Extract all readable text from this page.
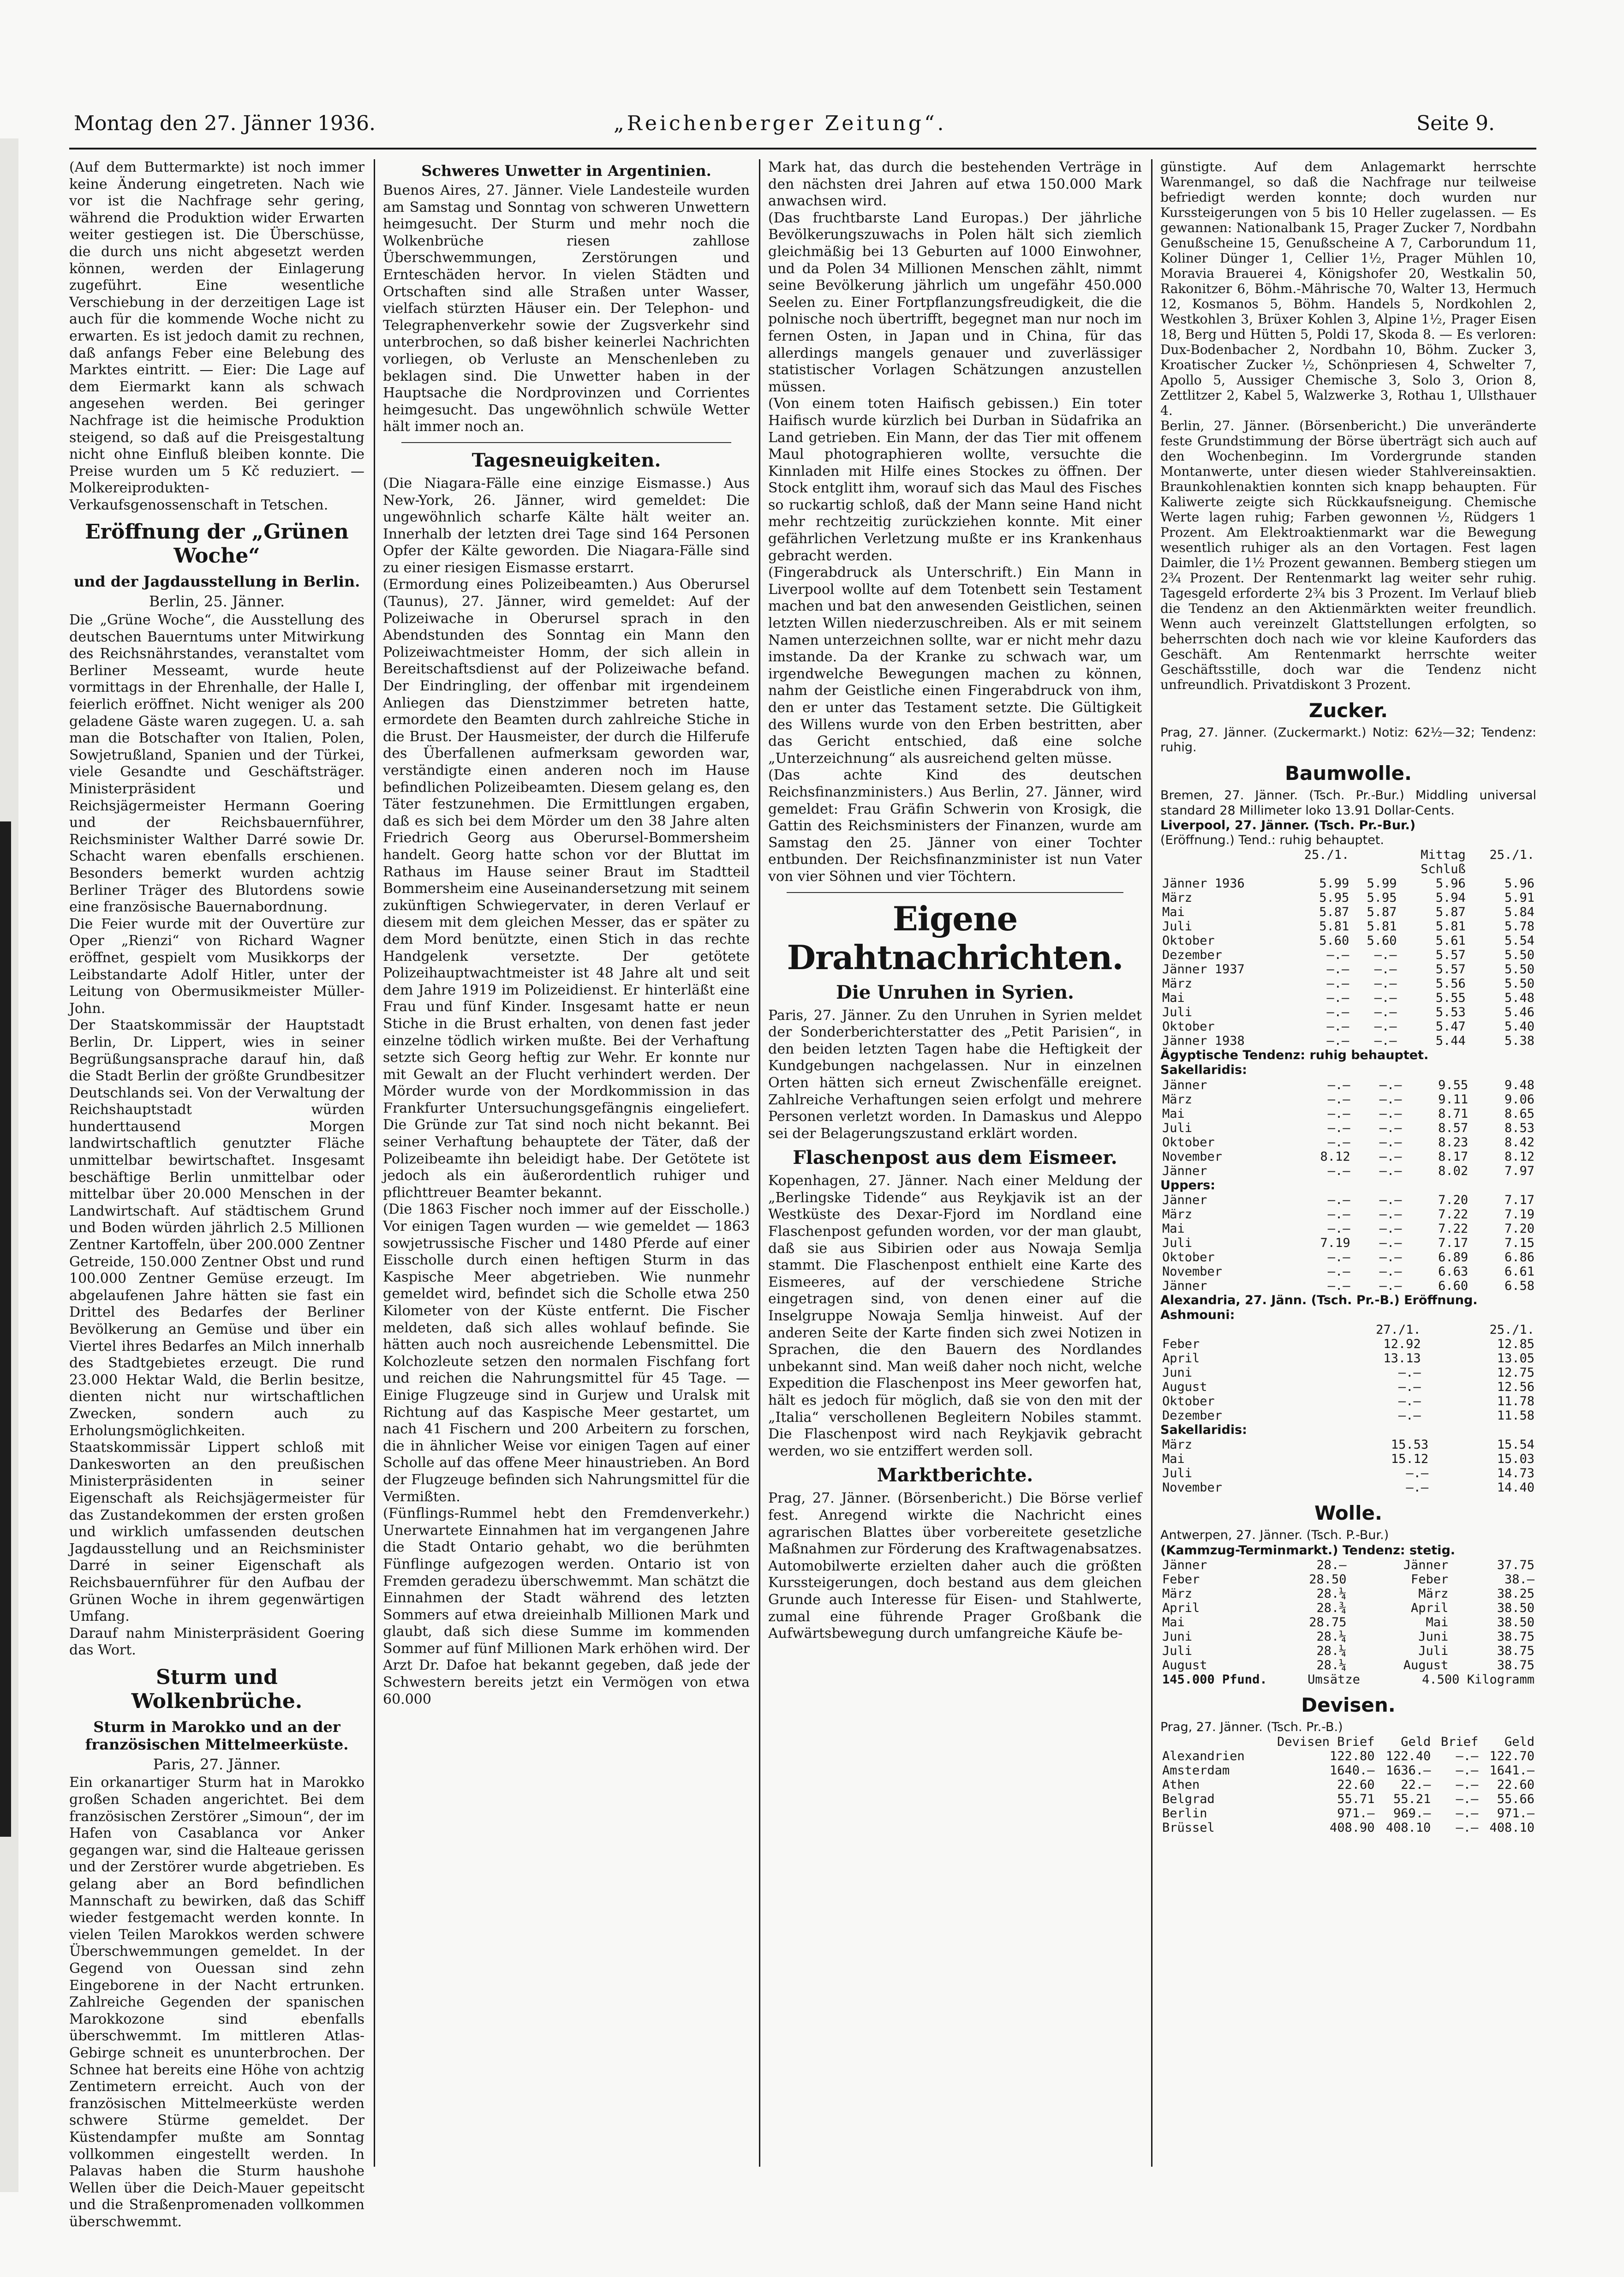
Montag den 27. Jänner 1936.	„Reichenberger Zeitung“.	Seite 9.

(Auf dem Buttermarkte) ist noch immer keine Änderung eingetreten. Nach wie vor ist die Nachfrage sehr gering, während die Produktion wider Erwarten weiter gestiegen ist. Die Überschüsse, die durch uns nicht abgesetzt werden können, werden der Einlagerung zugeführt. Eine wesentliche Verschiebung in der derzeitigen Lage ist auch für die kommende Woche nicht zu erwarten. Es ist jedoch damit zu rechnen, daß anfangs Feber eine Belebung des Marktes eintritt. — Eier: Die Lage auf dem Eiermarkt kann als schwach angesehen werden. Bei geringer Nachfrage ist die heimische Produktion steigend, so daß auf die Preisgestaltung nicht ohne Einfluß bleiben konnte. Die Preise wurden um 5 Kč reduziert. — Molkereiprodukten-Verkaufsgenossenschaft in Tetschen.

Eröffnung der „Grünen Woche“
und der Jagdausstellung in Berlin.
Berlin, 25. Jänner.

Die „Grüne Woche“, die Ausstellung des deutschen Bauerntums unter Mitwirkung des Reichsnährstandes, veranstaltet vom Berliner Messeamt, wurde heute vormittags in der Ehrenhalle, der Halle I, feierlich eröffnet. Nicht weniger als 200 geladene Gäste waren zugegen. U. a. sah man die Botschafter von Italien, Polen, Sowjetrußland, Spanien und der Türkei, viele Gesandte und Geschäftsträger. Ministerpräsident und Reichsjägermeister Hermann Goering und der Reichsbauernführer, Reichsminister Walther Darré sowie Dr. Schacht waren ebenfalls erschienen. Besonders bemerkt wurden achtzig Berliner Träger des Blutordens sowie eine französische Bauernabordnung.

Die Feier wurde mit der Ouvertüre zur Oper „Rienzi“ von Richard Wagner eröffnet, gespielt vom Musikkorps der Leibstandarte Adolf Hitler, unter der Leitung von Obermusikmeister Müller-John.

Der Staatskommissär der Hauptstadt Berlin, Dr. Lippert, wies in seiner Begrüßungsansprache darauf hin, daß die Stadt Berlin der größte Grundbesitzer Deutschlands sei. Von der Verwaltung der Reichshauptstadt würden hunderttausend Morgen landwirtschaftlich genutzter Fläche unmittelbar bewirtschaftet. Insgesamt beschäftige Berlin unmittelbar oder mittelbar über 20.000 Menschen in der Landwirtschaft. Auf städtischem Grund und Boden würden jährlich 2.5 Millionen Zentner Kartoffeln, über 200.000 Zentner Getreide, 150.000 Zentner Obst und rund 100.000 Zentner Gemüse erzeugt. Im abgelaufenen Jahre hätten sie fast ein Drittel des Bedarfes der Berliner Bevölkerung an Gemüse und über ein Viertel ihres Bedarfes an Milch innerhalb des Stadtgebietes erzeugt. Die rund 23.000 Hektar Wald, die Berlin besitze, dienten nicht nur wirtschaftlichen Zwecken, sondern auch zu Erholungsmöglichkeiten.

Staatskommissär Lippert schloß mit Dankesworten an den preußischen Ministerpräsidenten in seiner Eigenschaft als Reichsjägermeister für das Zustandekommen der ersten großen und wirklich umfassenden deutschen Jagdausstellung und an Reichsminister Darré in seiner Eigenschaft als Reichsbauernführer für den Aufbau der Grünen Woche in ihrem gegenwärtigen Umfang.

Darauf nahm Ministerpräsident Goering das Wort.

Sturm und Wolkenbrüche.
Sturm in Marokko und an der französischen Mittelmeerküste.
Paris, 27. Jänner.

Ein orkanartiger Sturm hat in Marokko großen Schaden angerichtet. Bei dem französischen Zerstörer „Simoun“, der im Hafen von Casablanca vor Anker gegangen war, sind die Halteaue gerissen und der Zerstörer wurde abgetrieben. Es gelang aber an Bord befindlichen Mannschaft zu bewirken, daß das Schiff wieder festgemacht werden konnte. In vielen Teilen Marokkos werden schwere Überschwemmungen gemeldet. In der Gegend von Ouessan sind zehn Eingeborene in der Nacht ertrunken. Zahlreiche Gegenden der spanischen Marokkozone sind ebenfalls überschwemmt. Im mittleren Atlas-Gebirge schneit es ununterbrochen. Der Schnee hat bereits eine Höhe von achtzig Zentimetern erreicht. Auch von der französischen Mittelmeerküste werden schwere Stürme gemeldet. Der Küstendampfer mußte am Sonntag vollkommen eingestellt werden. In Palavas haben die Sturm haushohe Wellen über die Deich-Mauer gepeitscht und die Straßenpromenaden vollkommen überschwemmt.

Schweres Unwetter in Argentinien.

Buenos Aires, 27. Jänner. Viele Landesteile wurden am Samstag und Sonntag von schweren Unwettern heimgesucht. Der Sturm und mehr noch die Wolkenbrüche riesen zahllose Überschwemmungen, Zerstörungen und Ernteschäden hervor. In vielen Städten und Ortschaften sind alle Straßen unter Wasser, vielfach stürzten Häuser ein. Der Telephon- und Telegraphenverkehr sowie der Zugsverkehr sind unterbrochen, so daß bisher keinerlei Nachrichten vorliegen, ob Verluste an Menschenleben zu beklagen sind. Die Unwetter haben in der Hauptsache die Nordprovinzen und Corrientes heimgesucht. Das ungewöhnlich schwüle Wetter hält immer noch an.

Tagesneuigkeiten.

(Die Niagara-Fälle eine einzige Eismasse.) Aus New-York, 26. Jänner, wird gemeldet: Die ungewöhnlich scharfe Kälte hält weiter an. Innerhalb der letzten drei Tage sind 164 Personen Opfer der Kälte geworden. Die Niagara-Fälle sind zu einer riesigen Eismasse erstarrt.

(Ermordung eines Polizeibeamten.) Aus Oberursel (Taunus), 27. Jänner, wird gemeldet: Auf der Polizeiwache in Oberursel sprach in den Abendstunden des Sonntag ein Mann den Polizeiwachtmeister Homm, der sich allein in Bereitschaftsdienst auf der Polizeiwache befand. Der Eindringling, der offenbar mit irgendeinem Anliegen das Dienstzimmer betreten hatte, ermordete den Beamten durch zahlreiche Stiche in die Brust. Der Hausmeister, der durch die Hilferufe des Überfallenen aufmerksam geworden war, verständigte einen anderen noch im Hause befindlichen Polizeibeamten. Diesem gelang es, den Täter festzunehmen. Die Ermittlungen ergaben, daß es sich bei dem Mörder um den 38 Jahre alten Friedrich Georg aus Oberursel-Bommersheim handelt. Georg hatte schon vor der Bluttat im Rathaus im Hause seiner Braut im Stadtteil Bommersheim eine Auseinandersetzung mit seinem zukünftigen Schwiegervater, in deren Verlauf er diesem mit dem gleichen Messer, das er später zu dem Mord benützte, einen Stich in das rechte Handgelenk versetzte. Der getötete Polizeihauptwachtmeister ist 48 Jahre alt und seit dem Jahre 1919 im Polizeidienst. Er hinterläßt eine Frau und fünf Kinder. Insgesamt hatte er neun Stiche in die Brust erhalten, von denen fast jeder einzelne tödlich wirken mußte. Bei der Verhaftung setzte sich Georg heftig zur Wehr. Er konnte nur mit Gewalt an der Flucht verhindert werden. Der Mörder wurde von der Mordkommission in das Frankfurter Untersuchungsgefängnis eingeliefert. Die Gründe zur Tat sind noch nicht bekannt. Bei seiner Verhaftung behauptete der Täter, daß der Polizeibeamte ihn beleidigt habe. Der Getötete ist jedoch als ein äußerordentlich ruhiger und pflichttreuer Beamter bekannt.

(Die 1863 Fischer noch immer auf der Eisscholle.) Vor einigen Tagen wurden — wie gemeldet — 1863 sowjetrussische Fischer und 1480 Pferde auf einer Eisscholle durch einen heftigen Sturm in das Kaspische Meer abgetrieben. Wie nunmehr gemeldet wird, befindet sich die Scholle etwa 250 Kilometer von der Küste entfernt. Die Fischer meldeten, daß sich alles wohlauf befinde. Sie hätten auch noch ausreichende Lebensmittel. Die Kolchozleute setzen den normalen Fischfang fort und reichen die Nahrungsmittel für 45 Tage. — Einige Flugzeuge sind in Gurjew und Uralsk mit Richtung auf das Kaspische Meer gestartet, um nach 41 Fischern und 200 Arbeitern zu forschen, die in ähnlicher Weise vor einigen Tagen auf einer Scholle auf das offene Meer hinaustrieben. An Bord der Flugzeuge befinden sich Nahrungsmittel für die Vermißten.

(Fünflings-Rummel hebt den Fremdenverkehr.) Unerwartete Einnahmen hat im vergangenen Jahre die Stadt Ontario gehabt, wo die berühmten Fünflinge aufgezogen werden. Ontario ist von Fremden geradezu überschwemmt. Man schätzt die Einnahmen der Stadt während des letzten Sommers auf etwa dreieinhalb Millionen Mark und glaubt, daß sich diese Summe im kommenden Sommer auf fünf Millionen Mark erhöhen wird. Der Arzt Dr. Dafoe hat bekannt gegeben, daß jede der Schwestern bereits jetzt ein Vermögen von etwa 60.000

Mark hat, das durch die bestehenden Verträge in den nächsten drei Jahren auf etwa 150.000 Mark anwachsen wird.

(Das fruchtbarste Land Europas.) Der jährliche Bevölkerungszuwachs in Polen hält sich ziemlich gleichmäßig bei 13 Geburten auf 1000 Einwohner, und da Polen 34 Millionen Menschen zählt, nimmt seine Bevölkerung jährlich um ungefähr 450.000 Seelen zu. Einer Fortpflanzungsfreudigkeit, die die polnische noch übertrifft, begegnet man nur noch im fernen Osten, in Japan und in China, für das allerdings mangels genauer und zuverlässiger statistischer Vorlagen Schätzungen anzustellen müssen.

(Von einem toten Haifisch gebissen.) Ein toter Haifisch wurde kürzlich bei Durban in Südafrika an Land getrieben. Ein Mann, der das Tier mit offenem Maul photographieren wollte, versuchte die Kinnladen mit Hilfe eines Stockes zu öffnen. Der Stock entglitt ihm, worauf sich das Maul des Fisches so ruckartig schloß, daß der Mann seine Hand nicht mehr rechtzeitig zurückziehen konnte. Mit einer gefährlichen Verletzung mußte er ins Krankenhaus gebracht werden.

(Fingerabdruck als Unterschrift.) Ein Mann in Liverpool wollte auf dem Totenbett sein Testament machen und bat den anwesenden Geistlichen, seinen letzten Willen niederzuschreiben. Als er mit seinem Namen unterzeichnen sollte, war er nicht mehr dazu imstande. Da der Kranke zu schwach war, um irgendwelche Bewegungen machen zu können, nahm der Geistliche einen Fingerabdruck von ihm, den er unter das Testament setzte. Die Gültigkeit des Willens wurde von den Erben bestritten, aber das Gericht entschied, daß eine solche „Unterzeichnung“ als ausreichend gelten müsse.

(Das achte Kind des deutschen Reichsfinanzministers.) Aus Berlin, 27. Jänner, wird gemeldet: Frau Gräfin Schwerin von Krosigk, die Gattin des Reichsministers der Finanzen, wurde am Samstag den 25. Jänner von einer Tochter entbunden. Der Reichsfinanzminister ist nun Vater von vier Söhnen und vier Töchtern.

Eigene Drahtnachrichten.
Die Unruhen in Syrien.

Paris, 27. Jänner. Zu den Unruhen in Syrien meldet der Sonderberichterstatter des „Petit Parisien“, in den beiden letzten Tagen habe die Heftigkeit der Kundgebungen nachgelassen. Nur in einzelnen Orten hätten sich erneut Zwischenfälle ereignet. Zahlreiche Verhaftungen seien erfolgt und mehrere Personen verletzt worden. In Damaskus und Aleppo sei der Belagerungszustand erklärt worden.

Flaschenpost aus dem Eismeer.

Kopenhagen, 27. Jänner. Nach einer Meldung der „Berlingske Tidende“ aus Reykjavik ist an der Westküste des Dexar-Fjord im Nordland eine Flaschenpost gefunden worden, vor der man glaubt, daß sie aus Sibirien oder aus Nowaja Semlja stammt. Die Flaschenpost enthielt eine Karte des Eismeeres, auf der verschiedene Striche eingetragen sind, von denen einer auf die Inselgruppe Nowaja Semlja hinweist. Auf der anderen Seite der Karte finden sich zwei Notizen in Sprachen, die den Bauern des Nordlandes unbekannt sind. Man weiß daher noch nicht, welche Expedition die Flaschenpost ins Meer geworfen hat, hält es jedoch für möglich, daß sie von den mit der „Italia“ verschollenen Begleitern Nobiles stammt. Die Flaschenpost wird nach Reykjavik gebracht werden, wo sie entziffert werden soll.

Marktberichte.

Prag, 27. Jänner. (Börsenbericht.) Die Börse verlief fest. Anregend wirkte die Nachricht eines agrarischen Blattes über vorbereitete gesetzliche Maßnahmen zur Förderung des Kraftwagenabsatzes. Automobilwerte erzielten daher auch die größten Kurssteigerungen, doch bestand aus dem gleichen Grunde auch Interesse für Eisen- und Stahlwerte, zumal eine führende Prager Großbank die Aufwärtsbewegung durch umfangreiche Käufe be-

günstigte. Auf dem Anlagemarkt herrschte Warenmangel, so daß die Nachfrage nur teilweise befriedigt werden konnte; doch wurden nur Kurssteigerungen von 5 bis 10 Heller zugelassen. — Es gewannen: Nationalbank 15, Prager Zucker 7, Nordbahn Genußscheine 15, Genußscheine A 7, Carborundum 11, Koliner Dünger 1, Cellier 1½, Prager Mühlen 10, Moravia Brauerei 4, Königshofer 20, Westkalin 50, Rakonitzer 6, Böhm.-Mährische 70, Walter 13, Hermuch 12, Kosmanos 5, Böhm. Handels 5, Nordkohlen 2, Westkohlen 3, Brüxer Kohlen 3, Alpine 1½, Prager Eisen 18, Berg und Hütten 5, Poldi 17, Skoda 8. — Es verloren: Dux-Bodenbacher 2, Nordbahn 10, Böhm. Zucker 3, Kroatischer Zucker ½, Schönpriesen 4, Schwelter 7, Apollo 5, Aussiger Chemische 3, Solo 3, Orion 8, Zettlitzer 2, Kabel 5, Walzwerke 3, Rothau 1, Ullsthauer 4.

Berlin, 27. Jänner. (Börsenbericht.) Die unveränderte feste Grundstimmung der Börse überträgt sich auch auf den Wochenbeginn. Im Vordergrunde standen Montanwerte, unter diesen wieder Stahlvereinsaktien. Braunkohlenaktien konnten sich knapp behaupten. Für Kaliwerte zeigte sich Rückkaufsneigung. Chemische Werte lagen ruhig; Farben gewonnen ½, Rüdgers 1 Prozent. Am Elektroaktienmarkt war die Bewegung wesentlich ruhiger als an den Vortagen. Fest lagen Daimler, die 1½ Prozent gewannen. Bemberg stiegen um 2¾ Prozent. Der Rentenmarkt lag weiter sehr ruhig. Tagesgeld erforderte 2¾ bis 3 Prozent. Im Verlauf blieb die Tendenz an den Aktienmärkten weiter freundlich. Wenn auch vereinzelt Glattstellungen erfolgten, so beherrschten doch nach wie vor kleine Kauforders das Geschäft. Am Rentenmarkt herrschte weiter Geschäftsstille, doch war die Tendenz nicht unfreundlich. Privatdiskont 3 Prozent.

Zucker.

Prag, 27. Jänner. (Zuckermarkt.) Notiz: 62½—32; Tendenz: ruhig.

Baumwolle.

Bremen, 27. Jänner. (Tsch. Pr.-Bur.) Middling universal standard 28 Millimeter loko 13.91 Dollar-Cents.

Liverpool, 27. Jänner. (Tsch. Pr.-Bur.)

(Eröffnung.) Tend.: ruhig behauptet.

	25./1.		Mittag	25./1.
			Schluß	
Jänner 1936	5.99	5.99	5.96	5.96
März	5.95	5.95	5.94	5.91
Mai	5.87	5.87	5.87	5.84
Juli	5.81	5.81	5.81	5.78
Oktober	5.60	5.60	5.61	5.54
Dezember	—.—	—.—	5.57	5.50
Jänner 1937	—.—	—.—	5.57	5.50
März	—.—	—.—	5.56	5.50
Mai	—.—	—.—	5.55	5.48
Juli	—.—	—.—	5.53	5.46
Oktober	—.—	—.—	5.47	5.40
Jänner 1938	—.—	—.—	5.44	5.38

Ägyptische Tendenz: ruhig behauptet.

Sakellaridis:

Jänner	—.—	—.—	9.55	9.48
März	—.—	—.—	9.11	9.06
Mai	—.—	—.—	8.71	8.65
Juli	—.—	—.—	8.57	8.53
Oktober	—.—	—.—	8.23	8.42
November	8.12	—.—	8.17	8.12
Jänner	—.—	—.—	8.02	7.97

Uppers:

Jänner	—.—	—.—	7.20	7.17
März	—.—	—.—	7.22	7.19
Mai	—.—	—.—	7.22	7.20
Juli	7.19	—.—	7.17	7.15
Oktober	—.—	—.—	6.89	6.86
November	—.—	—.—	6.63	6.61
Jänner	—.—	—.—	6.60	6.58

Alexandria, 27. Jänn. (Tsch. Pr.-B.) Eröffnung.

Ashmouni:

	27./1.	25./1.
Feber	12.92	12.85
April	13.13	13.05
Juni	—.—	12.75
August	—.—	12.56
Oktober	—.—	11.78
Dezember	—.—	11.58

Sakellaridis:

März	15.53	15.54
Mai	15.12	15.03
Juli	—.—	14.73
November	—.—	14.40
Wolle.

Antwerpen, 27. Jänner. (Tsch. P.-Bur.)

(Kammzug-Terminmarkt.) Tendenz: stetig.

Jänner	28.—	Jänner	37.75
Feber	28.50	Feber	38.—
März	28.¼	März	38.25
April	28.¾	April	38.50
Mai	28.75	Mai	38.50
Juni	28.¼	Juni	38.75
Juli	28.¼	Juli	38.75
August	28.¼	August	38.75
145.000 Pfund.	Umsätze	4.500 Kilogramm
Devisen.

Prag, 27. Jänner. (Tsch. Pr.-B.)

	Devisen Brief	Geld	Brief	Geld
Alexandrien	122.80	122.40	—.—	122.70
Amsterdam	1640.—	1636.—	—.—	1641.—
Athen	22.60	22.—	—.—	22.60
Belgrad	55.71	55.21	—.—	55.66
Berlin	971.—	969.—	—.—	971.—
Brüssel	408.90	408.10	—.—	408.10
